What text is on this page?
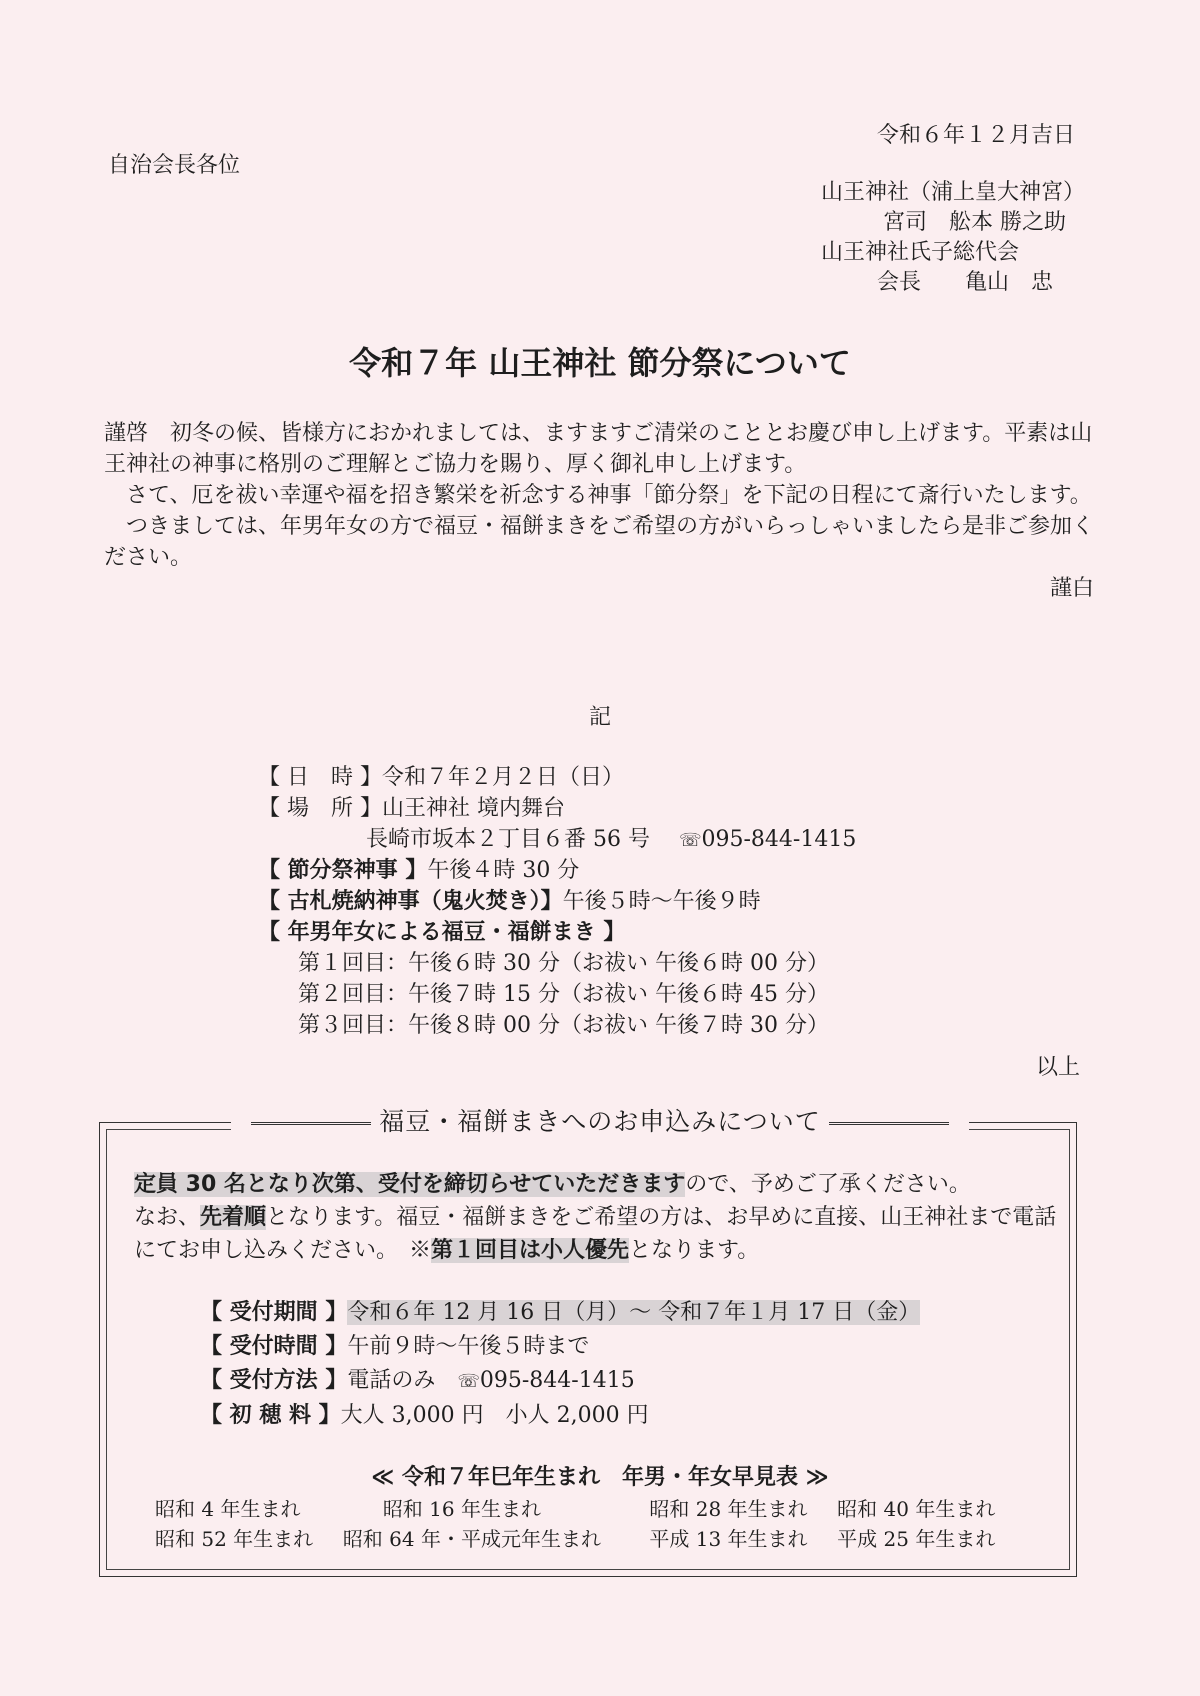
令和６年１２月吉日
自治会長各位
山王神社（浦上皇大神宮）
宮司　舩本 勝之助
山王神社氏子総代会
会長　　亀山　忠
令和７年 山王神社 節分祭について

謹啓　初冬の候、皆様方におかれましては、ますますご清栄のこととお慶び申し上げます。平素は山王神社の神事に格別のご理解とご協力を賜り、厚く御礼申し上げます。

さて、厄を祓い幸運や福を招き繁栄を祈念する神事「節分祭」を下記の日程にて斎行いたします。

つきましては、年男年女の方で福豆・福餅まきをご希望の方がいらっしゃいましたら是非ご参加ください。

謹白

記
【 日　時 】令和７年２月２日（日）
【 場　所 】山王神社 境内舞台
長崎市坂本２丁目６番 56 号　 ☏095-844-1415
【 節分祭神事 】午後４時 30 分
【 古札焼納神事（鬼火焚き）】午後５時～午後９時
【 年男年女による福豆・福餅まき 】
第１回目：午後６時 30 分（お祓い 午後６時 00 分）
第２回目：午後７時 15 分（お祓い 午後６時 45 分）
第３回目：午後８時 00 分（お祓い 午後７時 30 分）
以上
福豆・福餅まきへのお申込みについて
定員 30 名となり次第、受付を締切らせていただきますので、予めご了承ください。
なお、先着順となります。福豆・福餅まきをご希望の方は、お早めに直接、山王神社まで電話にてお申し込みください。　※第１回目は小人優先となります。
【 受付期間 】令和６年 12 月 16 日（月）～ 令和７年１月 17 日（金）
【 受付時間 】午前９時～午後５時まで
【 受付方法 】電話のみ　 ☏095-844-1415
【 初 穂 料 】大人 3,000 円　小人 2,000 円
≪ 令和７年巳年生まれ　年男・年女早見表 ≫
昭和 4 年生まれ	昭和 16 年生まれ	昭和 28 年生まれ	昭和 40 年生まれ
昭和 52 年生まれ	昭和 64 年・平成元年生まれ	平成 13 年生まれ	平成 25 年生まれ
